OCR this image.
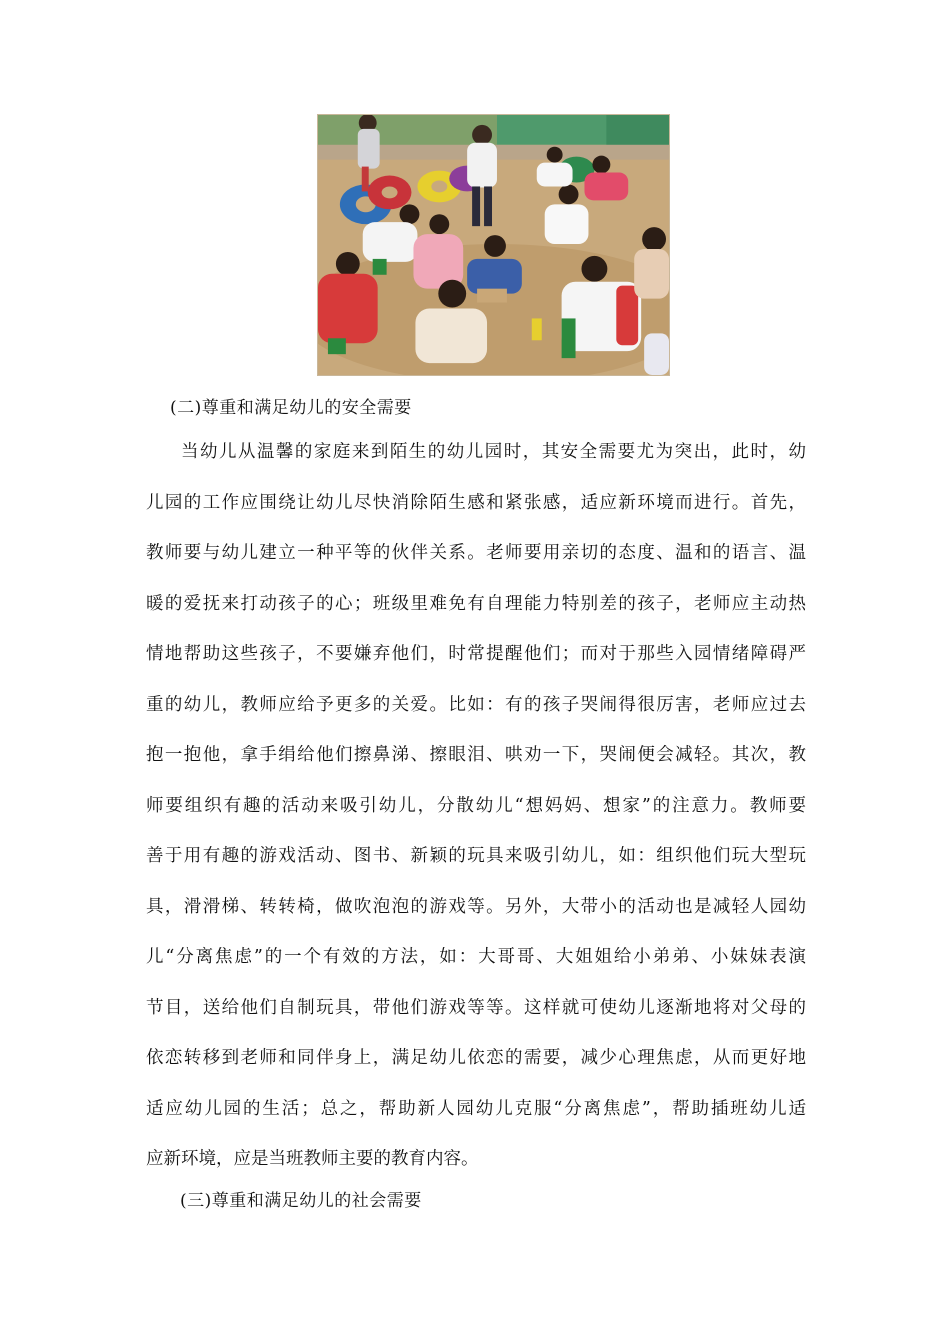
(二)尊重和满足幼儿的安全需要
当幼儿从温馨的家庭来到陌生的幼儿园时，其安全需要尤为突出，此时，幼
儿园的工作应围绕让幼儿尽快消除陌生感和紧张感，适应新环境而进行。首先，
教师要与幼儿建立一种平等的伙伴关系。老师要用亲切的态度、温和的语言、温
暖的爱抚来打动孩子的心；班级里难免有自理能力特别差的孩子，老师应主动热
情地帮助这些孩子，不要嫌弃他们，时常提醒他们；而对于那些入园情绪障碍严
重的幼儿，教师应给予更多的关爱。比如：有的孩子哭闹得很厉害，老师应过去
抱一抱他，拿手绢给他们擦鼻涕、擦眼泪、哄劝一下，哭闹便会减轻。其次，教
师要组织有趣的活动来吸引幼儿，分散幼儿“想妈妈、想家”的注意力。教师要
善于用有趣的游戏活动、图书、新颖的玩具来吸引幼儿，如：组织他们玩大型玩
具，滑滑梯、转转椅，做吹泡泡的游戏等。另外，大带小的活动也是减轻人园幼
儿“分离焦虑”的一个有效的方法，如：大哥哥、大姐姐给小弟弟、小妹妹表演
节目，送给他们自制玩具，带他们游戏等等。这样就可使幼儿逐渐地将对父母的
依恋转移到老师和同伴身上，满足幼儿依恋的需要，减少心理焦虑，从而更好地
适应幼儿园的生活；总之，帮助新人园幼儿克服“分离焦虑”，帮助插班幼儿适
应新环境，应是当班教师主要的教育内容。
(三)尊重和满足幼儿的社会需要
